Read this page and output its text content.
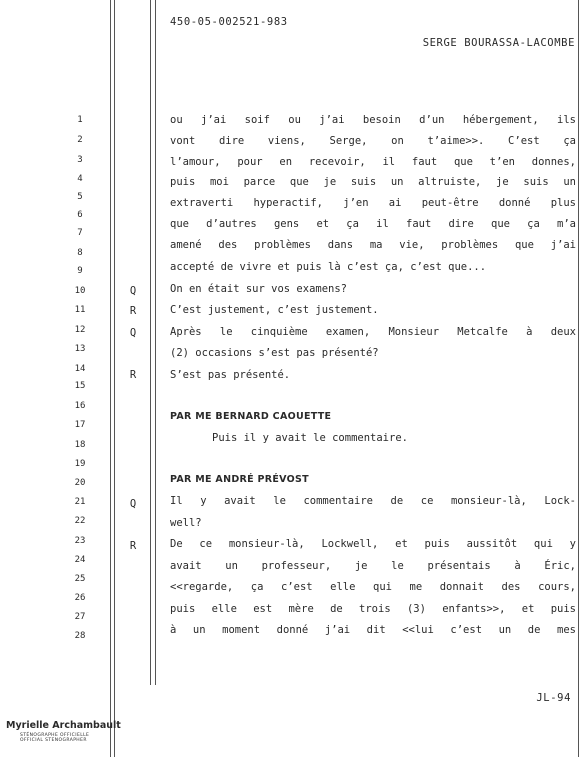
450-05-002521-983
SERGE BOURASSA-LACOMBE
1
2
3
4
5
6
7
8
9
10
11
12
13
14
15
16
17
18
19
20
21
22
23
24
25
26
27
28
Q
R
Q
R
Q
R
ou j’ai soif ou j’ai besoin d’un hébergement, ils
vont dire viens, Serge, on t’aime>>. C’est ça
l’amour, pour en recevoir, il faut que t’en donnes,
puis moi parce que je suis un altruiste, je suis un
extraverti hyperactif, j’en ai peut-être donné plus
que d’autres gens et ça il faut dire que ça m’a
amené des problèmes dans ma vie, problèmes que j’ai
accepté de vivre et puis là c’est ça, c’est que...
On en était sur vos examens?
C’est justement, c’est justement.
Après le cinquième examen, Monsieur Metcalfe à deux
(2) occasions s’est pas présenté?
S’est pas présenté.
PAR ME BERNARD CAOUETTE
Puis il y avait le commentaire.
PAR ME ANDRÉ PRÉVOST
Il y avait le commentaire de ce monsieur-là, Lock-
well?
De ce monsieur-là, Lockwell, et puis aussitôt qui y
avait un professeur, je le présentais à Éric,
<<regarde, ça c’est elle qui me donnait des cours,
puis elle est mère de trois (3) enfants>>, et puis
à un moment donné j’ai dit <<lui c’est un de mes
JL-94
Myrielle Archambault
STÉNOGRAPHE OFFICIELLE
OFFICIAL STENOGRAPHER
